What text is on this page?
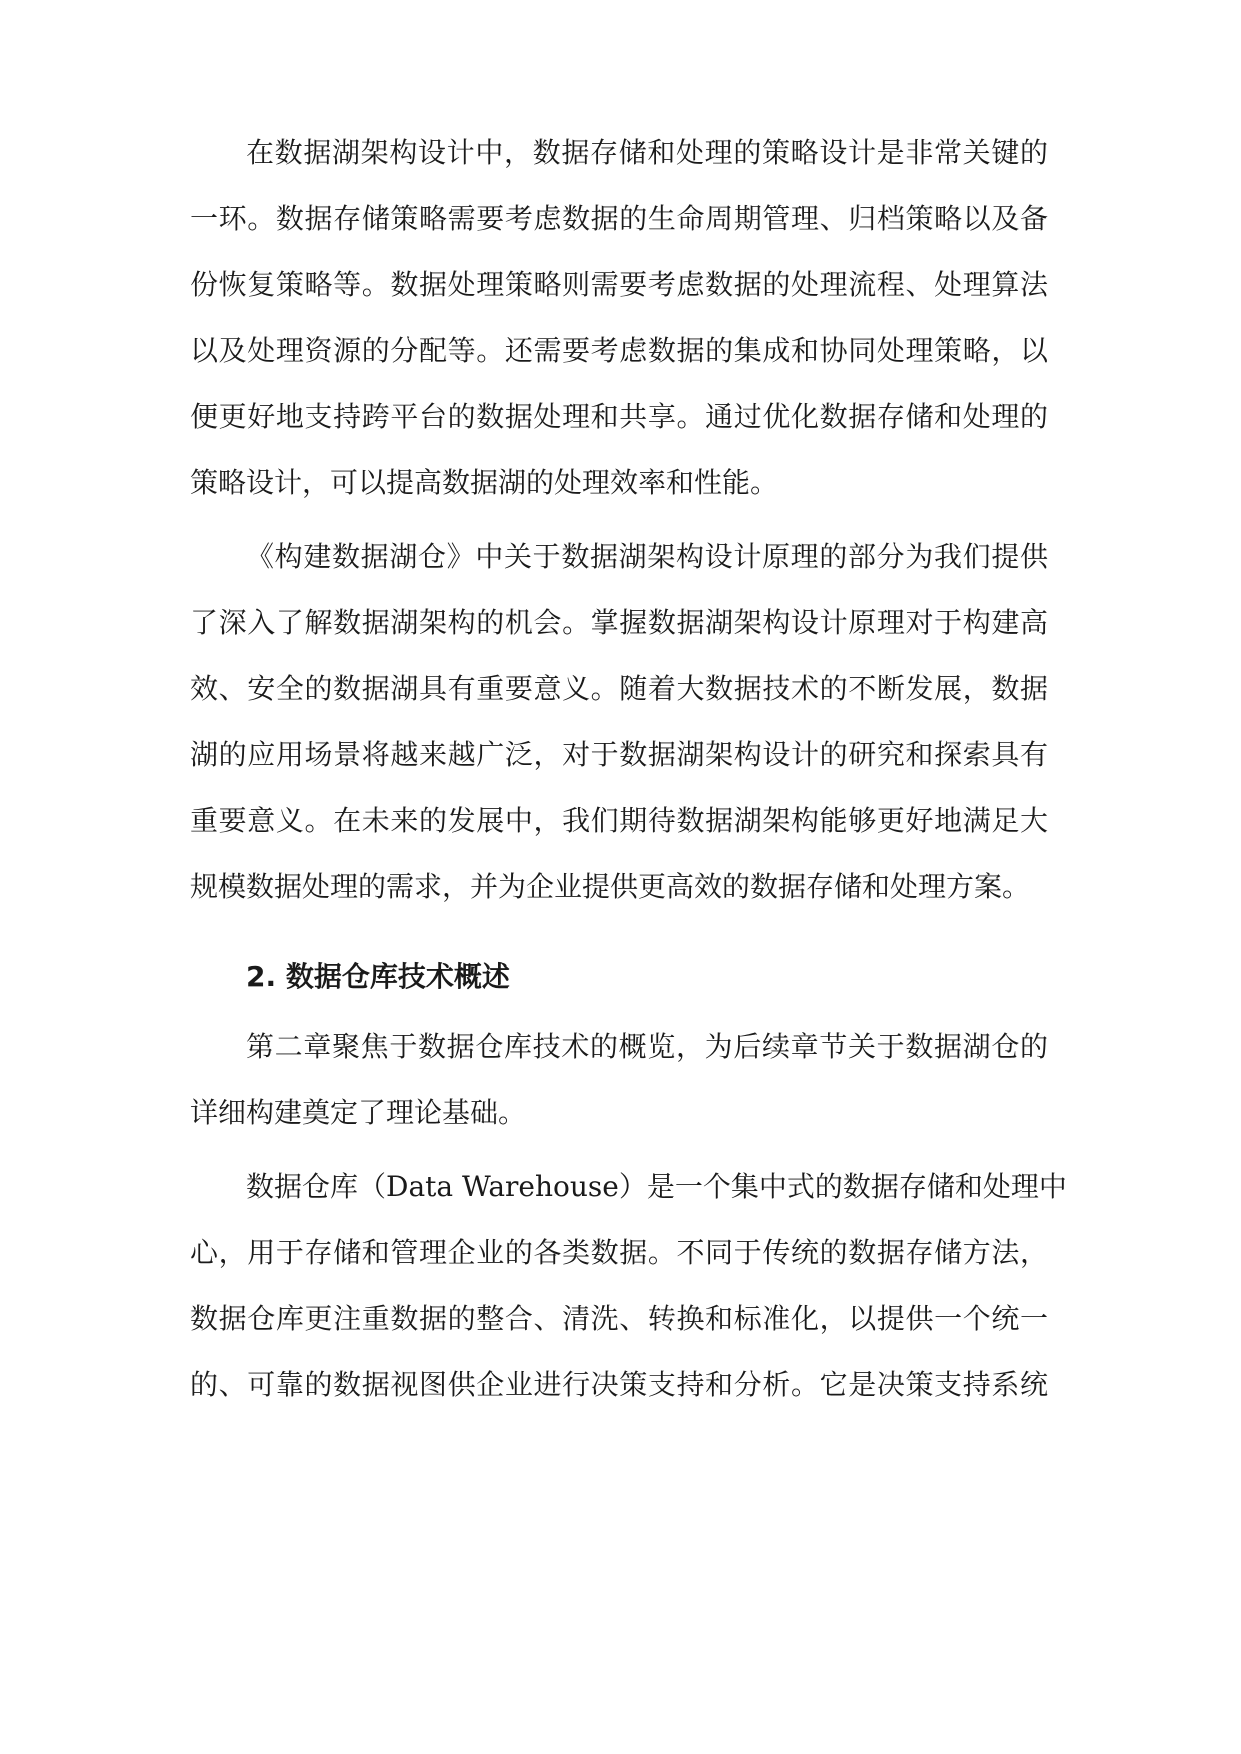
在数据湖架构设计中，数据存储和处理的策略设计是非常关键的
一环。数据存储策略需要考虑数据的生命周期管理、归档策略以及备
份恢复策略等。数据处理策略则需要考虑数据的处理流程、处理算法
以及处理资源的分配等。还需要考虑数据的集成和协同处理策略，以
便更好地支持跨平台的数据处理和共享。通过优化数据存储和处理的
策略设计，可以提高数据湖的处理效率和性能。
《构建数据湖仓》中关于数据湖架构设计原理的部分为我们提供
了深入了解数据湖架构的机会。掌握数据湖架构设计原理对于构建高
效、安全的数据湖具有重要意义。随着大数据技术的不断发展，数据
湖的应用场景将越来越广泛，对于数据湖架构设计的研究和探索具有
重要意义。在未来的发展中，我们期待数据湖架构能够更好地满足大
规模数据处理的需求，并为企业提供更高效的数据存储和处理方案。
2. 数据仓库技术概述
第二章聚焦于数据仓库技术的概览，为后续章节关于数据湖仓的
详细构建奠定了理论基础。
数据仓库（Data Warehouse）是一个集中式的数据存储和处理中
心，用于存储和管理企业的各类数据。不同于传统的数据存储方法，
数据仓库更注重数据的整合、清洗、转换和标准化，以提供一个统一
的、可靠的数据视图供企业进行决策支持和分析。它是决策支持系统
